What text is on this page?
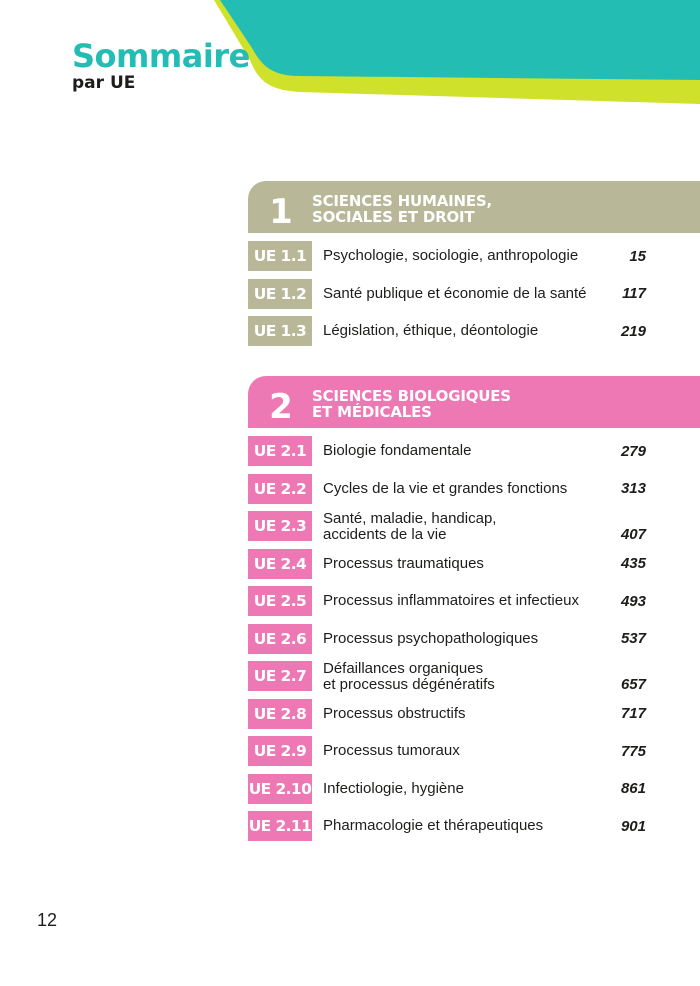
Sommaire
par UE
1	SCIENCES HUMAINES,
SOCIALES ET DROIT
UE 1.1	Psychologie, sociologie, anthropologie	15
UE 1.2	Santé publique et économie de la santé 117
UE 1.3	Législation, éthique, déontologie	219
2	SCIENCES BIOLOGIQUES
ET MÉDICALES
UE 2.1	Biologie fondamentale	279
UE 2.2	Cycles de la vie et grandes fonctions	313
UE 2.3	Santé, maladie, handicap,
accidents de la vie	407
UE 2.4	Processus traumatiques	435
UE 2.5	Processus inflammatoires et infectieux	493
UE 2.6	Processus psychopathologiques	537
UE 2.7	Défaillances organiques
et processus dégénératifs	657
UE 2.8	Processus obstructifs	717
UE 2.9	Processus tumoraux	775
UE 2.10 Infectiologie, hygiène	861
UE 2.11 Pharmacologie et thérapeutiques	901
12
